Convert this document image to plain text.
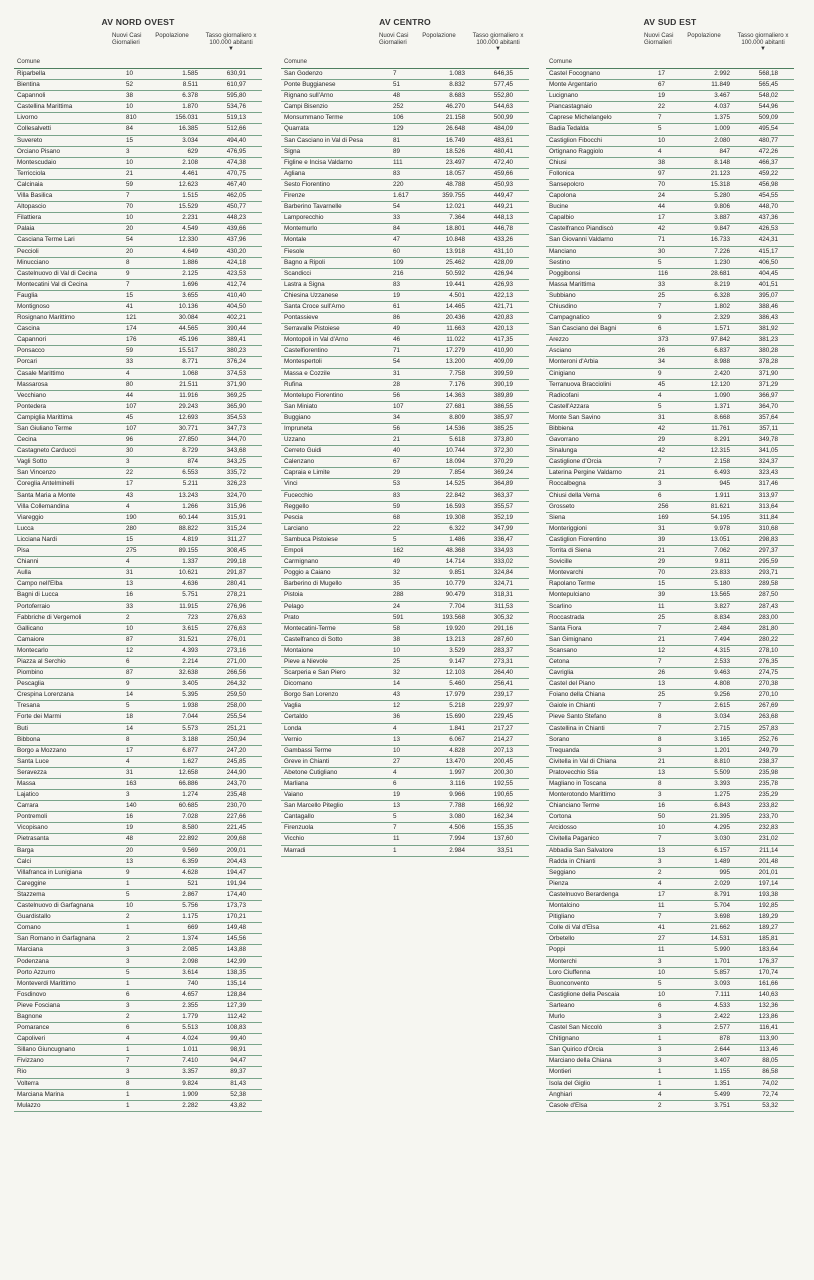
AV NORD OVEST
Comune
Nuovi Casi Giornalieri
Popolazione	Tasso giornaliero x 100.000 abitanti
▼
Riparbella	10	1.585	630,91
Bientina	52	8.511	610,97
Capannoli	38	6.378	595,80
Castellina Marittima	10	1.870	534,76
Livorno	810	156.031	519,13
Collesalvetti	84	16.385	512,66
Suvereto	15	3.034	494,40
Orciano Pisano	3	629	476,95
Montescudaio	10	2.108	474,38
Terricciola	21	4.461	470,75
Calcinaia	59	12.623	467,40
Villa Basilica	7	1.515	462,05
Altopascio	70	15.529	450,77
Filattiera	10	2.231	448,23
Palaia	20	4.549	439,66
Casciana Terme Lari	54	12.330	437,96
Peccioli	20	4.649	430,20
Minucciano	8	1.886	424,18
Castelnuovo di Val di Cecina	9	2.125	423,53
Montecatini Val di Cecina	7	1.696	412,74
Fauglia	15	3.655	410,40
Montignoso	41	10.136	404,50
Rosignano Marittimo	121	30.084	402,21
Cascina	174	44.565	390,44
Capannori	176	45.196	389,41
Ponsacco	59	15.517	380,23
Porcari	33	8.771	376,24
Casale Marittimo	4	1.068	374,53
Massarosa	80	21.511	371,90
Vecchiano	44	11.916	369,25
Pontedera	107	29.243	365,90
Campiglia Marittima	45	12.693	354,53
San Giuliano Terme	107	30.771	347,73
Cecina	96	27.850	344,70
Castagneto Carducci	30	8.729	343,68
Vagli Sotto	3	874	343,25
San Vincenzo	22	6.553	335,72
Coreglia Antelminelli	17	5.211	326,23
Santa Maria a Monte	43	13.243	324,70
Villa Collemandina	4	1.266	315,96
Viareggio	190	60.144	315,91
Lucca	280	88.822	315,24
Licciana Nardi	15	4.819	311,27
Pisa	275	89.155	308,45
Chianni	4	1.337	299,18
Aulla	31	10.621	291,87
Campo nell'Elba	13	4.636	280,41
Bagni di Lucca	16	5.751	278,21
Portoferraio	33	11.915	276,96
Fabbriche di Vergemoli	2	723	276,63
Gallicano	10	3.615	276,63
Camaiore	87	31.521	276,01
Montecarlo	12	4.393	273,16
Piazza al Serchio	6	2.214	271,00
Piombino	87	32.638	266,56
Pescaglia	9	3.405	264,32
Crespina Lorenzana	14	5.395	259,50
Tresana	5	1.938	258,00
Forte dei Marmi	18	7.044	255,54
Buti	14	5.573	251,21
Bibbona	8	3.188	250,94
Borgo a Mozzano	17	6.877	247,20
Santa Luce	4	1.627	245,85
Seravezza	31	12.658	244,90
Massa	163	66.886	243,70
Lajatico	3	1.274	235,48
Carrara	140	60.685	230,70
Pontremoli	16	7.028	227,66
Vicopisano	19	8.580	221,45
Pietrasanta	48	22.892	209,68
Barga	20	9.569	209,01
Calci	13	6.359	204,43
Villafranca in Lunigiana	9	4.628	194,47
Careggine	1	521	191,94
Stazzema	5	2.867	174,40
Castelnuovo di Garfagnana	10	5.756	173,73
Guardistallo	2	1.175	170,21
Comano	1	669	149,48
San Romano in Garfagnana	2	1.374	145,56
Marciana	3	2.085	143,88
Podenzana	3	2.098	142,99
Porto Azzurro	5	3.614	138,35
Monteverdi Marittimo	1	740	135,14
Fosdinovo	6	4.657	128,84
Pieve Fosciana	3	2.355	127,39
Bagnone	2	1.779	112,42
Pomarance	6	5.513	108,83
Capoliveri	4	4.024	99,40
Sillano Giuncugnano	1	1.011	98,91
Fivizzano	7	7.410	94,47
Rio	3	3.357	89,37
Volterra	8	9.824	81,43
Marciana Marina	1	1.909	52,38
Mulazzo	1	2.282	43,82
AV CENTRO
Comune
Nuovi Casi Giornalieri
Popolazione	Tasso giornaliero x 100.000 abitanti
▼
San Godenzo	7	1.083	646,35
Ponte Buggianese	51	8.832	577,45
Rignano sull'Arno	48	8.683	552,80
Campi Bisenzio	252	46.270	544,63
Monsummano Terme	106	21.158	500,99
Quarrata	129	26.648	484,09
San Casciano in Val di Pesa	81	16.749	483,61
Signa	89	18.526	480,41
Figline e Incisa Valdarno	111	23.497	472,40
Agliana	83	18.057	459,66
Sesto Fiorentino	220	48.788	450,93
Firenze	1.617	359.755	449,47
Barberino Tavarnelle	54	12.021	449,21
Lamporecchio	33	7.364	448,13
Montemurlo	84	18.801	446,78
Montale	47	10.848	433,26
Fiesole	60	13.918	431,10
Bagno a Ripoli	109	25.462	428,09
Scandicci	216	50.592	426,94
Lastra a Signa	83	19.441	426,93
Chiesina Uzzanese	19	4.501	422,13
Santa Croce sull'Arno	61	14.465	421,71
Pontassieve	86	20.436	420,83
Serravalle Pistoiese	49	11.663	420,13
Montopoli in Val d'Arno	46	11.022	417,35
Castelfiorentino	71	17.279	410,90
Montespertoli	54	13.200	409,09
Massa e Cozzile	31	7.758	399,59
Rufina	28	7.176	390,19
Montelupo Fiorentino	56	14.363	389,89
San Miniato	107	27.681	386,55
Buggiano	34	8.809	385,97
Impruneta	56	14.536	385,25
Uzzano	21	5.618	373,80
Cerreto Guidi	40	10.744	372,30
Calenzano	67	18.094	370,29
Capraia e Limite	29	7.854	369,24
Vinci	53	14.525	364,89
Fucecchio	83	22.842	363,37
Reggello	59	16.593	355,57
Pescia	68	19.308	352,19
Larciano	22	6.322	347,99
Sambuca Pistoiese	5	1.486	336,47
Empoli	162	48.368	334,93
Carmignano	49	14.714	333,02
Poggio a Caiano	32	9.851	324,84
Barberino di Mugello	35	10.779	324,71
Pistoia	288	90.479	318,31
Pelago	24	7.704	311,53
Prato	591	193.568	305,32
Montecatini-Terme	58	19.920	291,16
Castelfranco di Sotto	38	13.213	287,60
Montaione	10	3.529	283,37
Pieve a Nievole	25	9.147	273,31
Scarperia e San Piero	32	12.103	264,40
Dicomano	14	5.460	256,41
Borgo San Lorenzo	43	17.979	239,17
Vaglia	12	5.218	229,97
Certaldo	36	15.690	229,45
Londa	4	1.841	217,27
Vernio	13	6.067	214,27
Gambassi Terme	10	4.828	207,13
Greve in Chianti	27	13.470	200,45
Abetone Cutigliano	4	1.997	200,30
Marliana	6	3.116	192,55
Vaiano	19	9.966	190,65
San Marcello Piteglio	13	7.788	166,92
Cantagallo	5	3.080	162,34
Firenzuola	7	4.506	155,35
Vicchio	11	7.994	137,60
Marradi	1	2.984	33,51
AV SUD EST
Comune
Nuovi Casi Giornalieri
Popolazione	Tasso giornaliero x 100.000 abitanti
▼
Castel Focognano	17	2.992	568,18
Monte Argentario	67	11.849	565,45
Lucignano	19	3.467	548,02
Piancastagnaio	22	4.037	544,96
Caprese Michelangelo	7	1.375	509,09
Badia Tedalda	5	1.009	495,54
Castiglion Fibocchi	10	2.080	480,77
Ortignano Raggiolo	4	847	472,26
Chiusi	38	8.148	466,37
Follonica	97	21.123	459,22
Sansepolcro	70	15.318	456,98
Capolona	24	5.280	454,55
Bucine	44	9.806	448,70
Capalbio	17	3.887	437,36
Castelfranco Piandiscò	42	9.847	426,53
San Giovanni Valdarno	71	16.733	424,31
Manciano	30	7.226	415,17
Sestino	5	1.230	406,50
Poggibonsi	116	28.681	404,45
Massa Marittima	33	8.219	401,51
Subbiano	25	6.328	395,07
Chiusdino	7	1.802	388,46
Campagnatico	9	2.329	386,43
San Casciano dei Bagni	6	1.571	381,92
Arezzo	373	97.842	381,23
Asciano	26	6.837	380,28
Monteroni d'Arbia	34	8.988	378,28
Cinigiano	9	2.420	371,90
Terranuova Bracciolini	45	12.120	371,29
Radicofani	4	1.090	366,97
Castell'Azzara	5	1.371	364,70
Monte San Savino	31	8.668	357,64
Bibbiena	42	11.761	357,11
Gavorrano	29	8.291	349,78
Sinalunga	42	12.315	341,05
Castiglione d'Orcia	7	2.158	324,37
Laterina Pergine Valdarno	21	6.493	323,43
Roccalbegna	3	945	317,46
Chiusi della Verna	6	1.911	313,97
Grosseto	256	81.621	313,64
Siena	169	54.195	311,84
Monteriggioni	31	9.978	310,68
Castiglion Fiorentino	39	13.051	298,83
Torrita di Siena	21	7.062	297,37
Sovicille	29	9.811	295,59
Montevarchi	70	23.833	293,71
Rapolano Terme	15	5.180	289,58
Montepulciano	39	13.565	287,50
Scarlino	11	3.827	287,43
Roccastrada	25	8.834	283,00
Santa Fiora	7	2.484	281,80
San Gimignano	21	7.494	280,22
Scansano	12	4.315	278,10
Cetona	7	2.533	276,35
Cavriglia	26	9.463	274,75
Castel del Piano	13	4.808	270,38
Foiano della Chiana	25	9.256	270,10
Gaiole in Chianti	7	2.615	267,69
Pieve Santo Stefano	8	3.034	263,68
Castellina in Chianti	7	2.715	257,83
Sorano	8	3.165	252,76
Trequanda	3	1.201	249,79
Civitella in Val di Chiana	21	8.810	238,37
Pratovecchio Stia	13	5.509	235,98
Magliano in Toscana	8	3.393	235,78
Monterotondo Marittimo	3	1.275	235,29
Chianciano Terme	16	6.843	233,82
Cortona	50	21.395	233,70
Arcidosso	10	4.295	232,83
Civitella Paganico	7	3.030	231,02
Abbadia San Salvatore	13	6.157	211,14
Radda in Chianti	3	1.489	201,48
Seggiano	2	995	201,01
Pienza	4	2.029	197,14
Castelnuovo Berardenga	17	8.791	193,38
Montalcino	11	5.704	192,85
Pitigliano	7	3.698	189,29
Colle di Val d'Elsa	41	21.662	189,27
Orbetello	27	14.531	185,81
Poppi	11	5.990	183,64
Monterchi	3	1.701	176,37
Loro Ciuffenna	10	5.857	170,74
Buonconvento	5	3.093	161,66
Castiglione della Pescaia	10	7.111	140,63
Sarteano	6	4.533	132,36
Murlo	3	2.422	123,86
Castel San Niccolò	3	2.577	116,41
Chitignano	1	878	113,90
San Quirico d'Orcia	3	2.644	113,46
Marciano della Chiana	3	3.407	88,05
Montieri	1	1.155	86,58
Isola del Giglio	1	1.351	74,02
Anghiari	4	5.499	72,74
Casole d'Elsa	2	3.751	53,32
